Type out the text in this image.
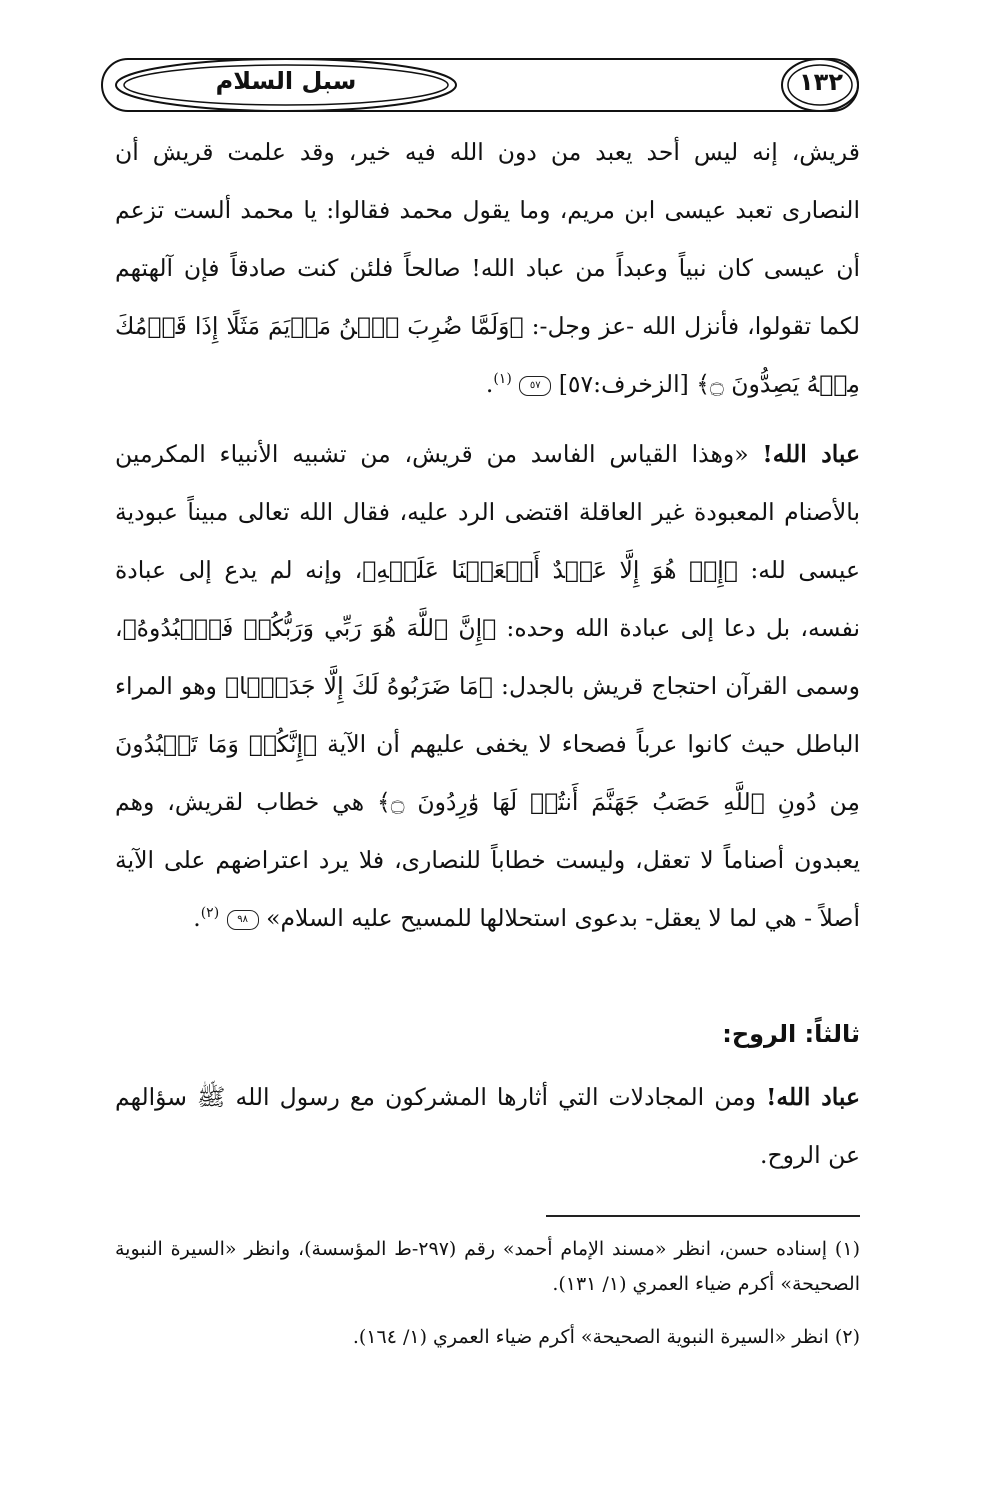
سبل السلام	١٣٢

قريش، إنه ليس أحد يعبد من دون الله فيه خير، وقد علمت قريش أن النصارى تعبد عيسى ابن مريم، وما يقول محمد فقالوا: يا محمد ألست تزعم أن عيسى كان نبياً وعبداً من عباد الله! صالحاً فلئن كنت صادقاً فإن آلهتهم لكما تقولوا، فأنزل الله -عز وجل-: ﴿وَلَمَّا ضُرِبَ ٱبۡنُ مَرۡيَمَ مَثَلًا إِذَا قَوۡمُكَ مِنۡهُ يَصِدُّونَ ۝﴾ [الزخرف:٥٧] ٥٧ $^{(١)}$.

عباد الله! «وهذا القياس الفاسد من قريش، من تشبيه الأنبياء المكرمين بالأصنام المعبودة غير العاقلة اقتضى الرد عليه، فقال الله تعالى مبيناً عبودية عيسى لله: ﴿إِنۡ هُوَ إِلَّا عَبۡدٌ أَنۡعَمۡنَا عَلَيۡهِ﴾، وإنه لم يدع إلى عبادة نفسه، بل دعا إلى عبادة الله وحده: ﴿إِنَّ ٱللَّهَ هُوَ رَبِّي وَرَبُّكُمۡ فَٱعۡبُدُوهُ﴾، وسمى القرآن احتجاج قريش بالجدل: ﴿مَا ضَرَبُوهُ لَكَ إِلَّا جَدَلَۢا﴾ وهو المراء الباطل حيث كانوا عرباً فصحاء لا يخفى عليهم أن الآية ﴿إِنَّكُمۡ وَمَا تَعۡبُدُونَ مِن دُونِ ٱللَّهِ حَصَبُ جَهَنَّمَ أَنتُمۡ لَهَا وَٰرِدُونَ ۝﴾ هي خطاب لقريش، وهم يعبدون أصناماً لا تعقل، وليست خطاباً للنصارى، فلا يرد اعتراضهم على الآية أصلاً - هي لما لا يعقل- بدعوى استحلالها للمسيح عليه السلام» ٩٨ $^{(٢)}$.

ثالثاً: الروح:

عباد الله! ومن المجادلات التي أثارها المشركون مع رسول الله ﷺ سؤالهم عن الروح.

(١) إسناده حسن، انظر «مسند الإمام أحمد» رقم (٢٩٧-ط المؤسسة)، وانظر «السيرة النبوية الصحيحة» أكرم ضياء العمري (١/ ١٣١).
(٢) انظر «السيرة النبوية الصحيحة» أكرم ضياء العمري (١/ ١٦٤).
